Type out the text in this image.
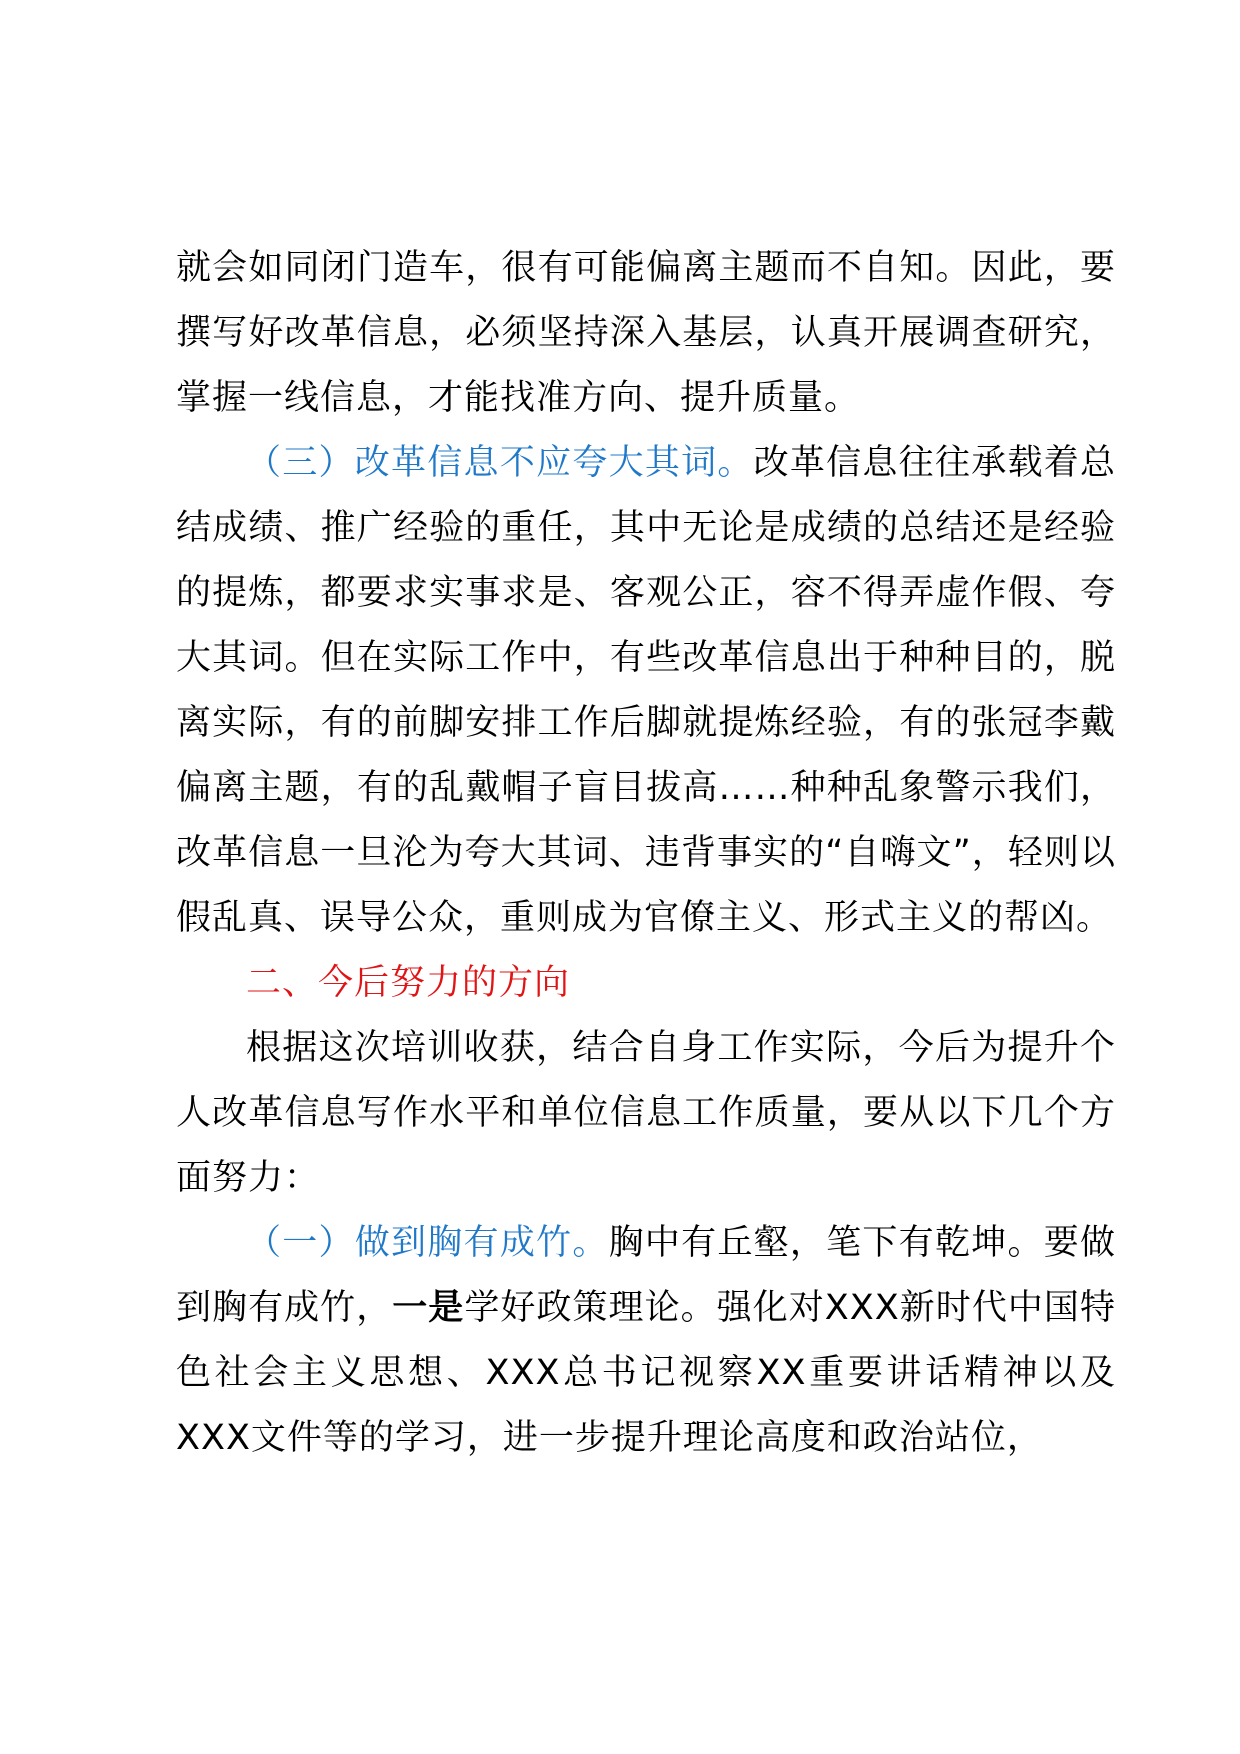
就会如同闭门造车，很有可能偏离主题而不自知。因此，要撰写好改革信息，必须坚持深入基层，认真开展调查研究，掌握一线信息，才能找准方向、提升质量。

（三）改革信息不应夸大其词。改革信息往往承载着总结成绩、推广经验的重任，其中无论是成绩的总结还是经验的提炼，都要求实事求是、客观公正，容不得弄虚作假、夸大其词。但在实际工作中，有些改革信息出于种种目的，脱离实际，有的前脚安排工作后脚就提炼经验，有的张冠李戴偏离主题，有的乱戴帽子盲目拔高……种种乱象警示我们，改革信息一旦沦为夸大其词、违背事实的“自嗨文”，轻则以假乱真、误导公众，重则成为官僚主义、形式主义的帮凶。

二、今后努力的方向

根据这次培训收获，结合自身工作实际，今后为提升个人改革信息写作水平和单位信息工作质量，要从以下几个方面努力：

（一）做到胸有成竹。胸中有丘壑，笔下有乾坤。要做到胸有成竹，一是学好政策理论。强化对XXX新时代中国特色社会主义思想、XXX总书记视察XX重要讲话精神以及XXX文件等的学习，进一步提升理论高度和政治站位，
